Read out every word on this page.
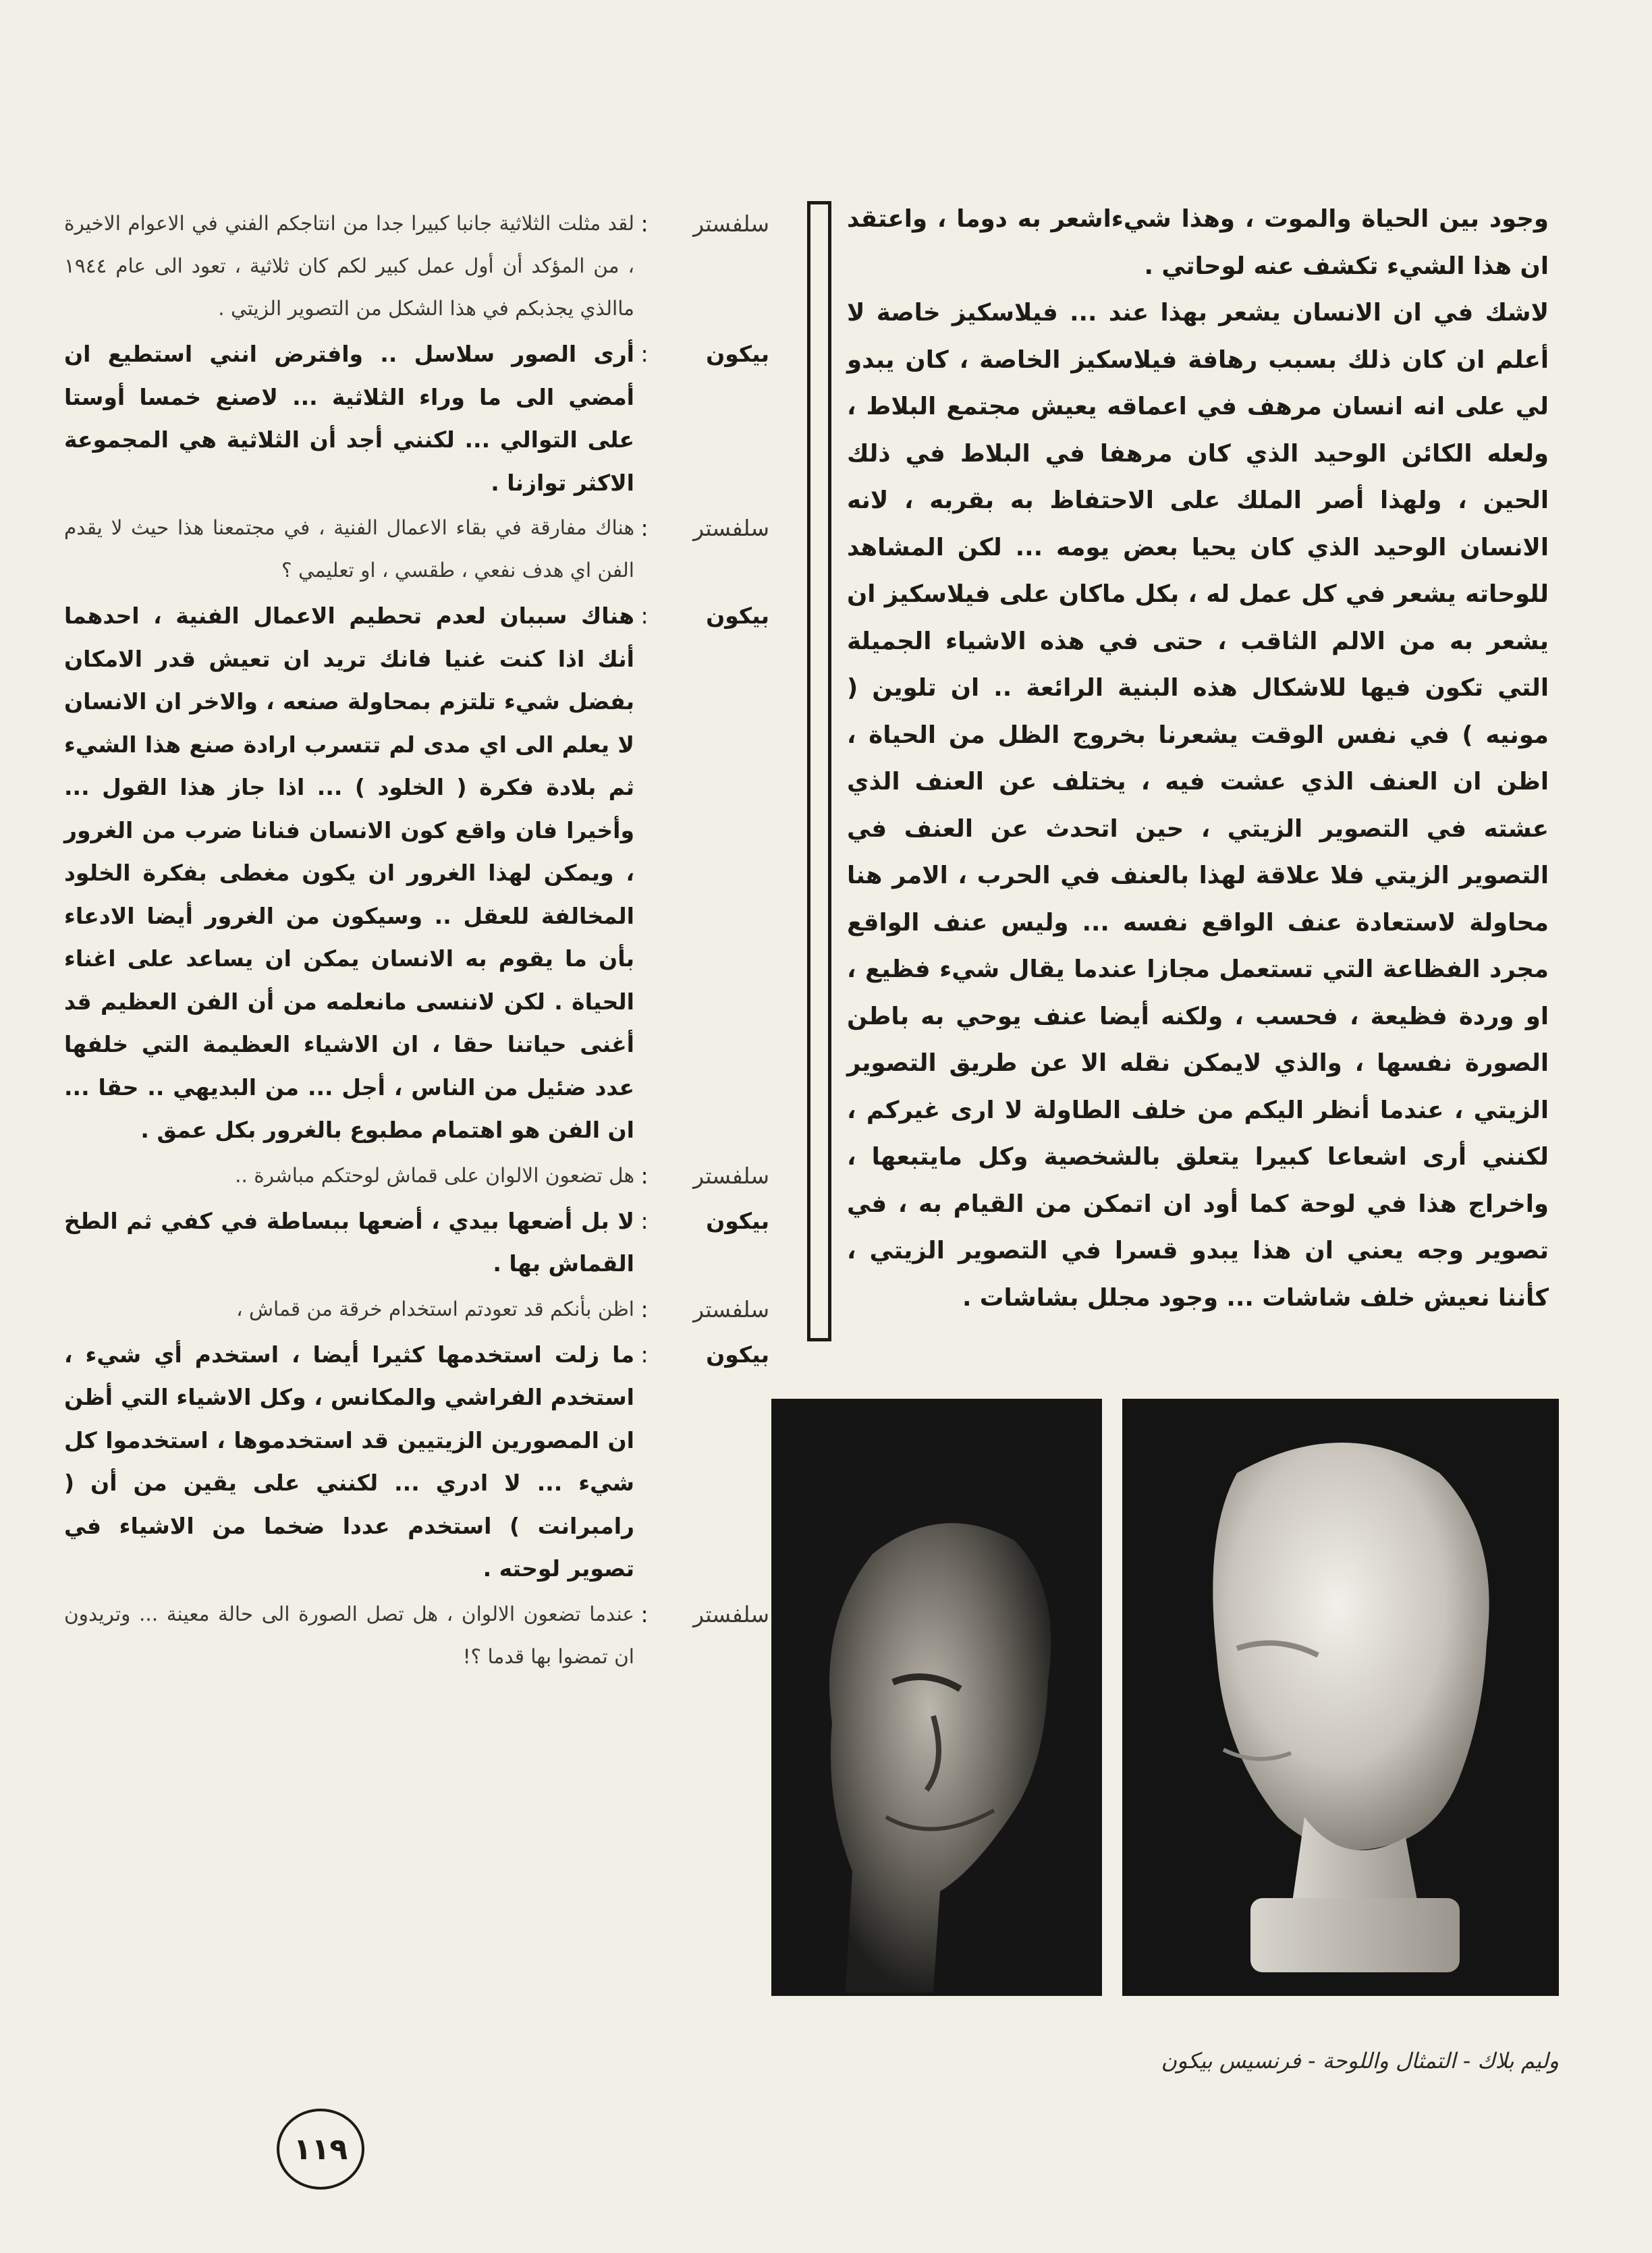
وجود بين الحياة والموت ، وهذا شيءاشعر به دوما ، واعتقد ان هذا الشيء تكشف عنه لوحاتي .

لاشك في ان الانسان يشعر بهذا عند ... فيلاسكيز خاصة لا أعلم ان كان ذلك بسبب رهافة فيلاسكيز الخاصة ، كان يبدو لي على انه انسان مرهف في اعماقه يعيش مجتمع البلاط ، ولعله الكائن الوحيد الذي كان مرهفا في البلاط في ذلك الحين ، ولهذا أصر الملك على الاحتفاظ به بقربه ، لانه الانسان الوحيد الذي كان يحيا بعض يومه ... لكن المشاهد للوحاته يشعر في كل عمل له ، بكل ماكان على فيلاسكيز ان يشعر به من الالم الثاقب ، حتى في هذه الاشياء الجميلة التي تكون فيها للاشكال هذه البنية الرائعة .. ان تلوين ( مونيه ) في نفس الوقت يشعرنا بخروج الظل من الحياة ، اظن ان العنف الذي عشت فيه ، يختلف عن العنف الذي عشته في التصوير الزيتي ، حين اتحدث عن العنف في التصوير الزيتي فلا علاقة لهذا بالعنف في الحرب ، الامر هنا محاولة لاستعادة عنف الواقع نفسه ... وليس عنف الواقع مجرد الفظاعة التي تستعمل مجازا عندما يقال شيء فظيع ، او وردة فظيعة ، فحسب ، ولكنه أيضا عنف يوحي به باطن الصورة نفسها ، والذي لايمكن نقله الا عن طريق التصوير الزيتي ، عندما أنظر اليكم من خلف الطاولة لا ارى غيركم ، لكنني أرى اشعاعا كبيرا يتعلق بالشخصية وكل مايتبعها ، واخراج هذا في لوحة كما أود ان اتمكن من القيام به ، في تصوير وجه يعني ان هذا يبدو قسرا في التصوير الزيتي ، كأننا نعيش خلف شاشات ... وجود مجلل بشاشات .

سلفستر
:
لقد مثلت الثلاثية جانبا كبيرا جدا من انتاجكم الفني في الاعوام الاخيرة ، من المؤكد أن أول عمل كبير لكم كان ثلاثية ، تعود الى عام ١٩٤٤ ماالذي يجذبكم في هذا الشكل من التصوير الزيتي .
بيكون
:
أرى الصور سلاسل .. وافترض انني استطيع ان أمضي الى ما وراء الثلاثية ... لاصنع خمسا أوستا على التوالي ... لكنني أجد أن الثلاثية هي المجموعة الاكثر توازنا .
سلفستر
:
هناك مفارقة في بقاء الاعمال الفنية ، في مجتمعنا هذا حيث لا يقدم الفن اي هدف نفعي ، طقسي ، او تعليمي ؟
بيكون
:
هناك سببان لعدم تحطيم الاعمال الفنية ، احدهما أنك اذا كنت غنيا فانك تريد ان تعيش قدر الامكان بفضل شيء تلتزم بمحاولة صنعه ، والاخر ان الانسان لا يعلم الى اي مدى لم تتسرب ارادة صنع هذا الشيء ثم بلادة فكرة ( الخلود ) ... اذا جاز هذا القول ... وأخيرا فان واقع كون الانسان فنانا ضرب من الغرور ، ويمكن لهذا الغرور ان يكون مغطى بفكرة الخلود المخالفة للعقل .. وسيكون من الغرور أيضا الادعاء بأن ما يقوم به الانسان يمكن ان يساعد على اغناء الحياة . لكن لاننسى مانعلمه من أن الفن العظيم قد أغنى حياتنا حقا ، ان الاشياء العظيمة التي خلفها عدد ضئيل من الناس ، أجل ... من البديهي .. حقا ... ان الفن هو اهتمام مطبوع بالغرور بكل عمق .
سلفستر
:
هل تضعون الالوان على قماش لوحتكم مباشرة ..
بيكون
:
لا بل أضعها بيدي ، أضعها ببساطة في كفي ثم الطخ القماش بها .
سلفستر
:
اظن بأنكم قد تعودتم استخدام خرقة من قماش ،
بيكون
:
ما زلت استخدمها كثيرا أيضا ، استخدم أي شيء ، استخدم الفراشي والمكانس ، وكل الاشياء التي أظن ان المصورين الزيتيين قد استخدموها ، استخدموا كل شيء ... لا ادري ... لكنني على يقين من أن ( رامبرانت ) استخدم عددا ضخما من الاشياء في تصوير لوحته .
سلفستر
:
عندما تضعون الالوان ، هل تصل الصورة الى حالة معينة ... وتريدون ان تمضوا بها قدما ؟!
وليم بلاك - التمثال واللوحة - فرنسيس بيكون
١١٩
